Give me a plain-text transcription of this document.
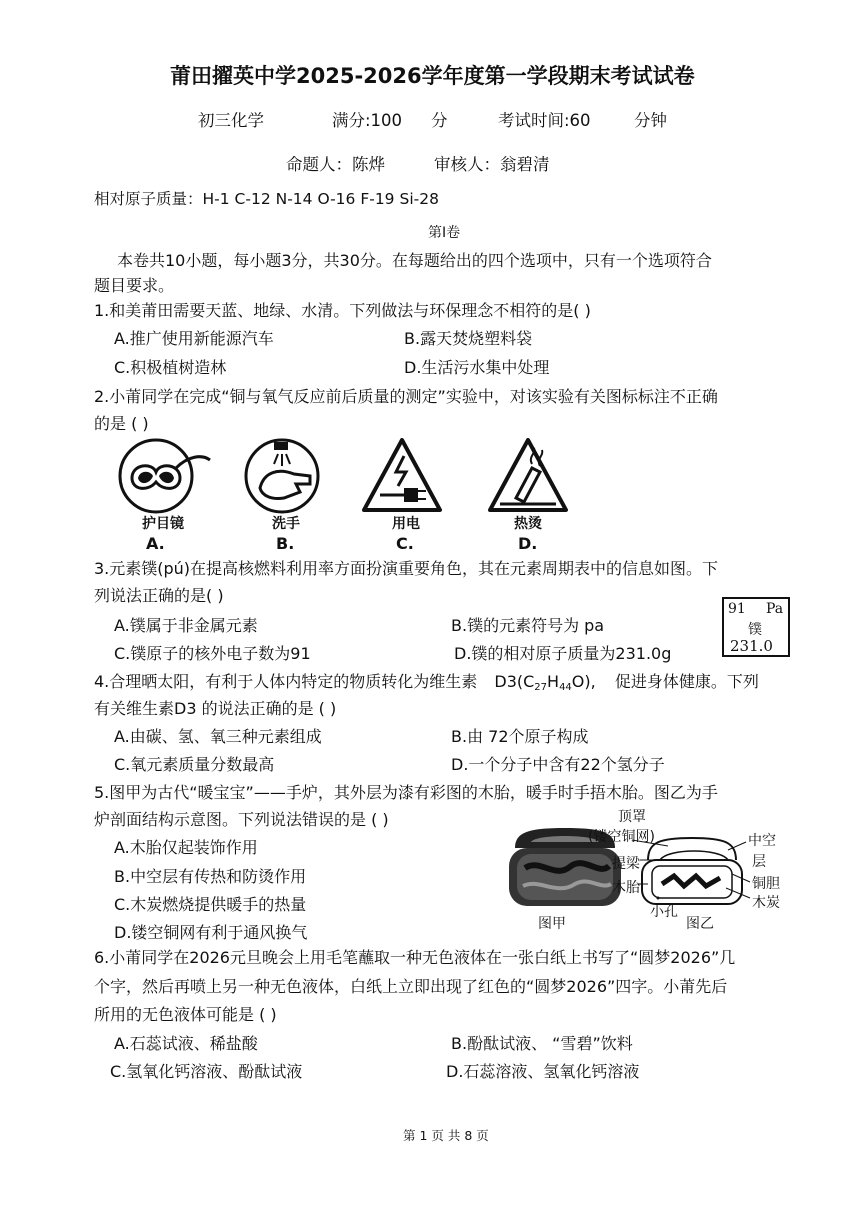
莆田擢英中学2025-2026学年度第一学段期末考试试卷
初三化学	满分:100 分	考试时间:60	分钟
命题人：陈烨	审核人：翁碧清
相对原子质量：H-1 C-12 N-14 O-16 F-19 Si-28
第Ⅰ卷
本卷共10小题，每小题3分，共30分。在每题给出的四个选项中，只有一个选项符合
题目要求。
1.和美莆田需要天蓝、地绿、水清。下列做法与环保理念不相符的是( )
A.推广使用新能源汽车	B.露天焚烧塑料袋
C.积极植树造林	D.生活污水集中处理
2.小莆同学在完成“铜与氧气反应前后质量的测定”实验中，对该实验有关图标标注不正确
的是 ( )
护目镜	洗手	用电	热烫
A.	B.	C.	D.
3.元素镤(pú)在提高核燃料利用率方面扮演重要角色，其在元素周期表中的信息如图。下
列说法正确的是( )
A.镤属于非金属元素	B.镤的元素符号为 pa
C.镤原子的核外电子数为91	D.镤的相对原子质量为231.0g
91 Pa
镤
231.0
4.合理晒太阳，有利于人体内特定的物质转化为维生素 $D3(C_{27}H_{44}O)$, 促进身体健康。下列
有关维生素D3 的说法正确的是 ( )
A.由碳、氢、氧三种元素组成	B.由 72个原子构成
C.氧元素质量分数最高	D.一个分子中含有22个氢分子
5.图甲为古代“暖宝宝”——手炉，其外层为漆有彩图的木胎，暖手时手捂木胎。图乙为手
炉剖面结构示意图。下列说法错误的是 ( )
A.木胎仅起装饰作用
B.中空层有传热和防烫作用
C.木炭燃烧提供暖手的热量
D.镂空铜网有利于通风换气
顶罩
(镂空铜网)
提梁
木胎
小孔
中空
层
铜胆
木炭
图甲	图乙
6.小莆同学在2026元旦晚会上用毛笔蘸取一种无色液体在一张白纸上书写了“圆梦2026”几
个字，然后再喷上另一种无色液体，白纸上立即出现了红色的“圆梦2026”四字。小莆先后
所用的无色液体可能是 ( )
A.石蕊试液、稀盐酸	B.酚酞试液、 “雪碧”饮料
C.氢氧化钙溶液、酚酞试液	D.石蕊溶液、氢氧化钙溶液
第 1 页 共 8 页
